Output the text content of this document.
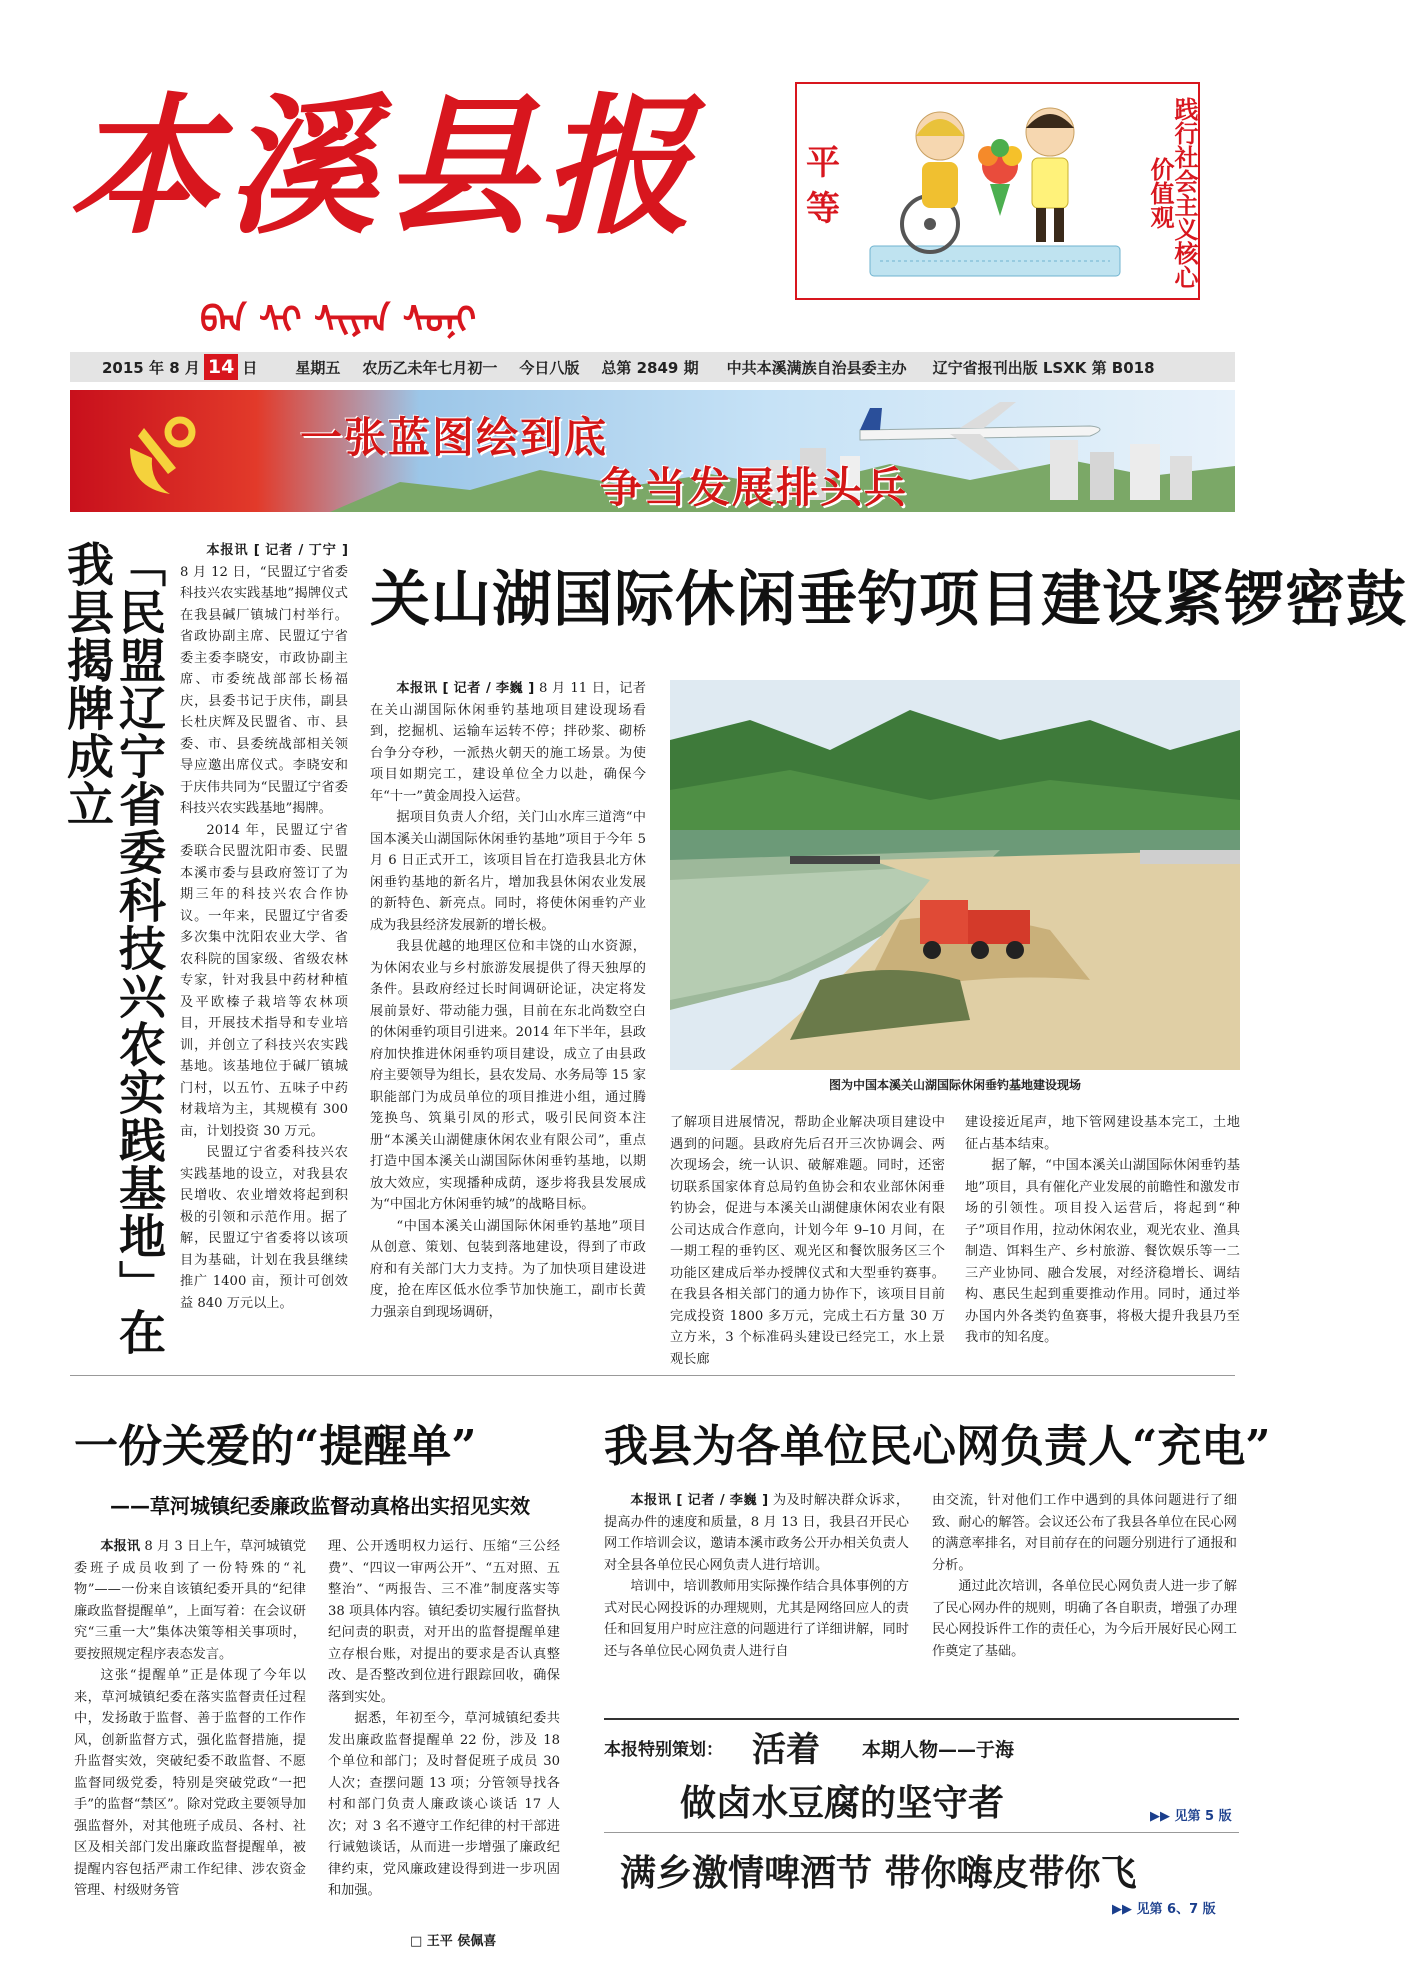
本溪县报
ᠪᠡᠨ ᠰᠢ ᠰᠢᠶᠠᠨ ᠰᠣᠨᠢ
平等	践行社会主义核心价值观
2015 年 8 月 14 日	星期五 农历乙未年七月初一 今日八版 总第 2849 期 中共本溪满族自治县委主办 辽宁省报刊出版 LSXK 第 B018
一张蓝图绘到底
争当发展排头兵
「民盟辽宁省委科技兴农实践基地」在我县揭牌成立	本报讯 [ 记者 / 丁宁 ] 8 月 12 日，“民盟辽宁省委科技兴农实践基地”揭牌仪式在我县碱厂镇城门村举行。省政协副主席、民盟辽宁省委主委李晓安，市政协副主席、市委统战部部长杨福庆，县委书记于庆伟，副县长杜庆辉及民盟省、市、县委、市、县委统战部相关领导应邀出席仪式。李晓安和于庆伟共同为“民盟辽宁省委科技兴农实践基地”揭牌。

2014 年，民盟辽宁省委联合民盟沈阳市委、民盟本溪市委与县政府签订了为期三年的科技兴农合作协议。一年来，民盟辽宁省委多次集中沈阳农业大学、省农科院的国家级、省级农林专家，针对我县中药材种植及平欧榛子栽培等农林项目，开展技术指导和专业培训，并创立了科技兴农实践基地。该基地位于碱厂镇城门村，以五竹、五味子中药材栽培为主，其规模有 300 亩，计划投资 30 万元。

民盟辽宁省委科技兴农实践基地的设立，对我县农民增收、农业增效将起到积极的引领和示范作用。据了解，民盟辽宁省委将以该项目为基础，计划在我县继续推广 1400 亩，预计可创效益 840 万元以上。

关山湖国际休闲垂钓项目建设紧锣密鼓

本报讯 [ 记者 / 李巍 ] 8 月 11 日，记者在关山湖国际休闲垂钓基地项目建设现场看到，挖掘机、运输车运转不停；拌砂浆、砌桥台争分夺秒，一派热火朝天的施工场景。为使项目如期完工，建设单位全力以赴，确保今年“十一”黄金周投入运营。

据项目负责人介绍，关门山水库三道湾“中国本溪关山湖国际休闲垂钓基地”项目于今年 5 月 6 日正式开工，该项目旨在打造我县北方休闲垂钓基地的新名片，增加我县休闲农业发展的新特色、新亮点。同时，将使休闲垂钓产业成为我县经济发展新的增长极。

我县优越的地理区位和丰饶的山水资源，为休闲农业与乡村旅游发展提供了得天独厚的条件。县政府经过长时间调研论证，决定将发展前景好、带动能力强，目前在东北尚数空白的休闲垂钓项目引进来。2014 年下半年，县政府加快推进休闲垂钓项目建设，成立了由县政府主要领导为组长，县农发局、水务局等 15 家职能部门为成员单位的项目推进小组，通过腾笼换鸟、筑巢引凤的形式，吸引民间资本注册“本溪关山湖健康休闲农业有限公司”，重点打造中国本溪关山湖国际休闲垂钓基地，以期放大效应，实现播种成荫，逐步将我县发展成为“中国北方休闲垂钓城”的战略目标。

“中国本溪关山湖国际休闲垂钓基地”项目从创意、策划、包装到落地建设，得到了市政府和有关部门大力支持。为了加快项目建设进度，抢在库区低水位季节加快施工，副市长黄力强亲自到现场调研，

图为中国本溪关山湖国际休闲垂钓基地建设现场

了解项目进展情况，帮助企业解决项目建设中遇到的问题。县政府先后召开三次协调会、两次现场会，统一认识、破解难题。同时，还密切联系国家体育总局钓鱼协会和农业部休闲垂钓协会，促进与本溪关山湖健康休闲农业有限公司达成合作意向，计划今年 9–10 月间，在一期工程的垂钓区、观光区和餐饮服务区三个功能区建成后举办授牌仪式和大型垂钓赛事。在我县各相关部门的通力协作下，该项目目前完成投资 1800 多万元，完成土石方量 30 万立方米，3 个标准码头建设已经完工，水上景观长廊

建设接近尾声，地下管网建设基本完工，土地征占基本结束。

据了解，“中国本溪关山湖国际休闲垂钓基地”项目，具有催化产业发展的前瞻性和激发市场的引领性。项目投入运营后，将起到“种子”项目作用，拉动休闲农业，观光农业、渔具制造、饵料生产、乡村旅游、餐饮娱乐等一二三产业协同、融合发展，对经济稳增长、调结构、惠民生起到重要推动作用。同时，通过举办国内外各类钓鱼赛事，将极大提升我县乃至我市的知名度。

一份关爱的“提醒单”
——草河城镇纪委廉政监督动真格出实招见实效

本报讯 8 月 3 日上午，草河城镇党委班子成员收到了一份特殊的“礼物”——一份来自该镇纪委开具的“纪律廉政监督提醒单”，上面写着：在会议研究“三重一大”集体决策等相关事项时，要按照规定程序表态发言。

这张“提醒单”正是体现了今年以来，草河城镇纪委在落实监督责任过程中，发扬敢于监督、善于监督的工作作风，创新监督方式，强化监督措施，提升监督实效，突破纪委不敢监督、不愿监督同级党委，特别是突破党政“一把手”的监督“禁区”。除对党政主要领导加强监督外，对其他班子成员、各村、社区及相关部门发出廉政监督提醒单，被提醒内容包括严肃工作纪律、涉农资金管理、村级财务管

理、公开透明权力运行、压缩“三公经费”、“四议一审两公开”、“五对照、五整治”、“两报告、三不准”制度落实等 38 项具体内容。镇纪委切实履行监督执纪问责的职责，对开出的监督提醒单建立存根台账，对提出的要求是否认真整改、是否整改到位进行跟踪回收，确保落到实处。

据悉，年初至今，草河城镇纪委共发出廉政监督提醒单 22 份，涉及 18 个单位和部门；及时督促班子成员 30 人次；查摆问题 13 项；分管领导找各村和部门负责人廉政谈心谈话 17 人次；对 3 名不遵守工作纪律的村干部进行诫勉谈话，从而进一步增强了廉政纪律约束，党风廉政建设得到进一步巩固和加强。

□ 王平 侯佩喜
我县为各单位民心网负责人“充电”

本报讯 [ 记者 / 李巍 ] 为及时解决群众诉求，提高办件的速度和质量，8 月 13 日，我县召开民心网工作培训会议，邀请本溪市政务公开办相关负责人对全县各单位民心网负责人进行培训。

培训中，培训教师用实际操作结合具体事例的方式对民心网投诉的办理规则，尤其是网络回应人的责任和回复用户时应注意的问题进行了详细讲解，同时还与各单位民心网负责人进行自

由交流，针对他们工作中遇到的具体问题进行了细致、耐心的解答。会议还公布了我县各单位在民心网的满意率排名，对目前存在的问题分别进行了通报和分析。

通过此次培训，各单位民心网负责人进一步了解了民心网办件的规则，明确了各自职责，增强了办理民心网投诉件工作的责任心，为今后开展好民心网工作奠定了基础。

本报特别策划： 活着 本期人物——于海
做卤水豆腐的坚守者	▶▶ 见第 5 版
满乡激情啤酒节 带你嗨皮带你飞
▶▶ 见第 6、7 版
